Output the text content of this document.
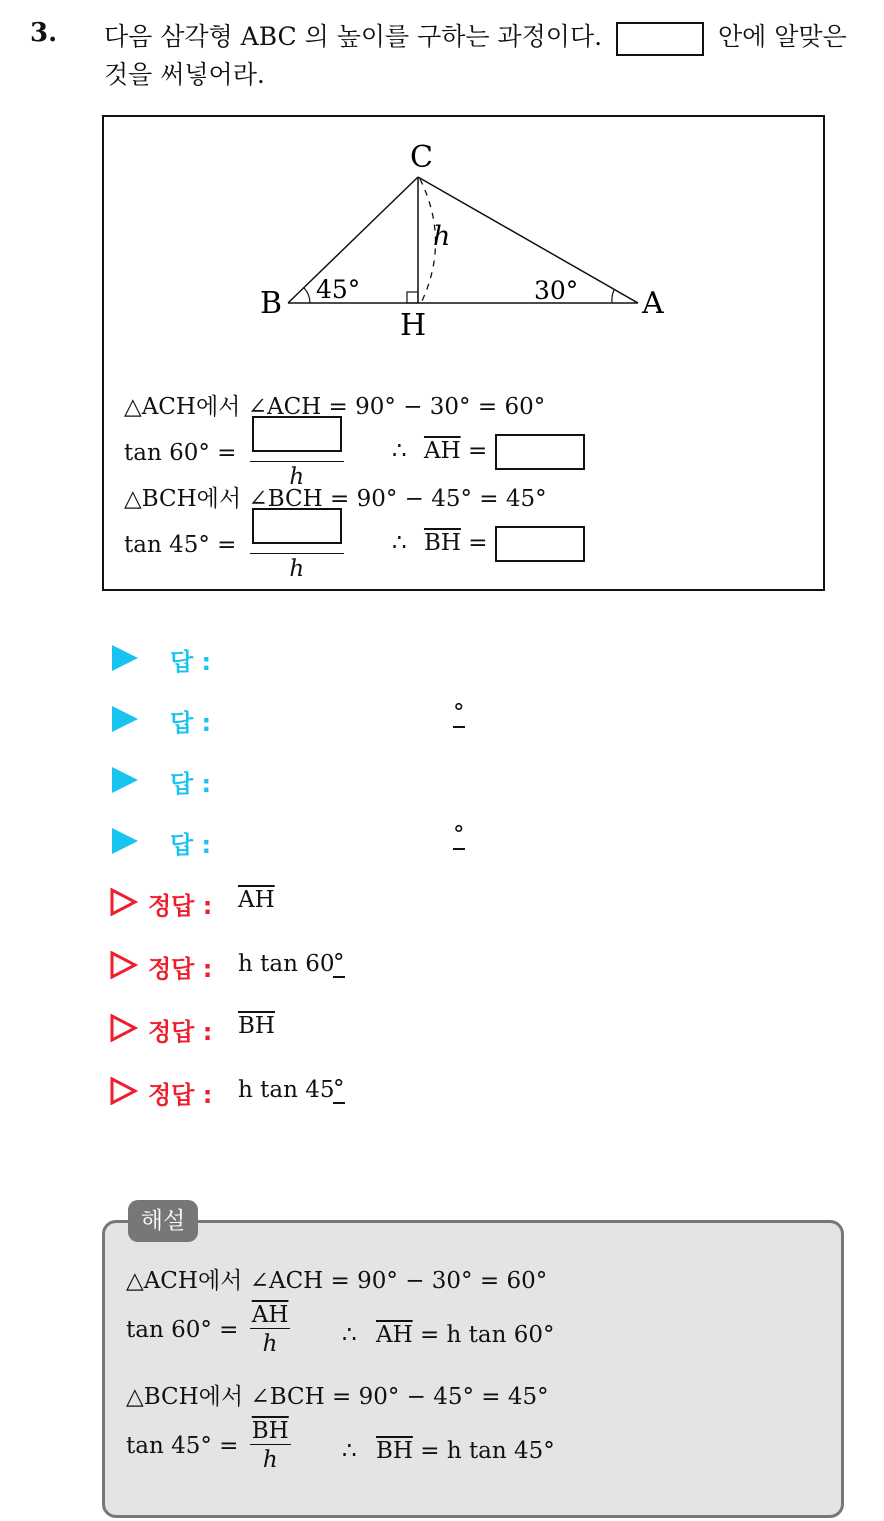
3. 다음 삼각형 ABC 의 높이를 구하는 과정이다.	안에 알맞은 것을 써넣어라.
C
B	A
H
h
45°	30°
△ACH에서 ∠ACH = 90° − 30° = 60°
tan 60° =
h
∴ $\overline{AH}$ =
△BCH에서 ∠BCH = 90° − 45° = 45°
tan 45° =
h
∴ $\overline{BH}$ =
답 :
답 :	°
답 :
답 :	°
정답 : $\overline{AH}$
정답 : h tan 60
°
정답 : $\overline{BH}$
정답 : h tan 45
°
해설
△ACH에서 ∠ACH = 90° − 30° = 60°
$\tan 60^\circ = \frac{\overline{AH}}{h}$ ∴ $\overline{AH} = h$ tan 60°
△BCH에서 ∠BCH = 90° − 45° = 45°
$\tan 45^\circ = \frac{\overline{BH}}{h}$ ∴ $\overline{BH} = h$ tan 45°
